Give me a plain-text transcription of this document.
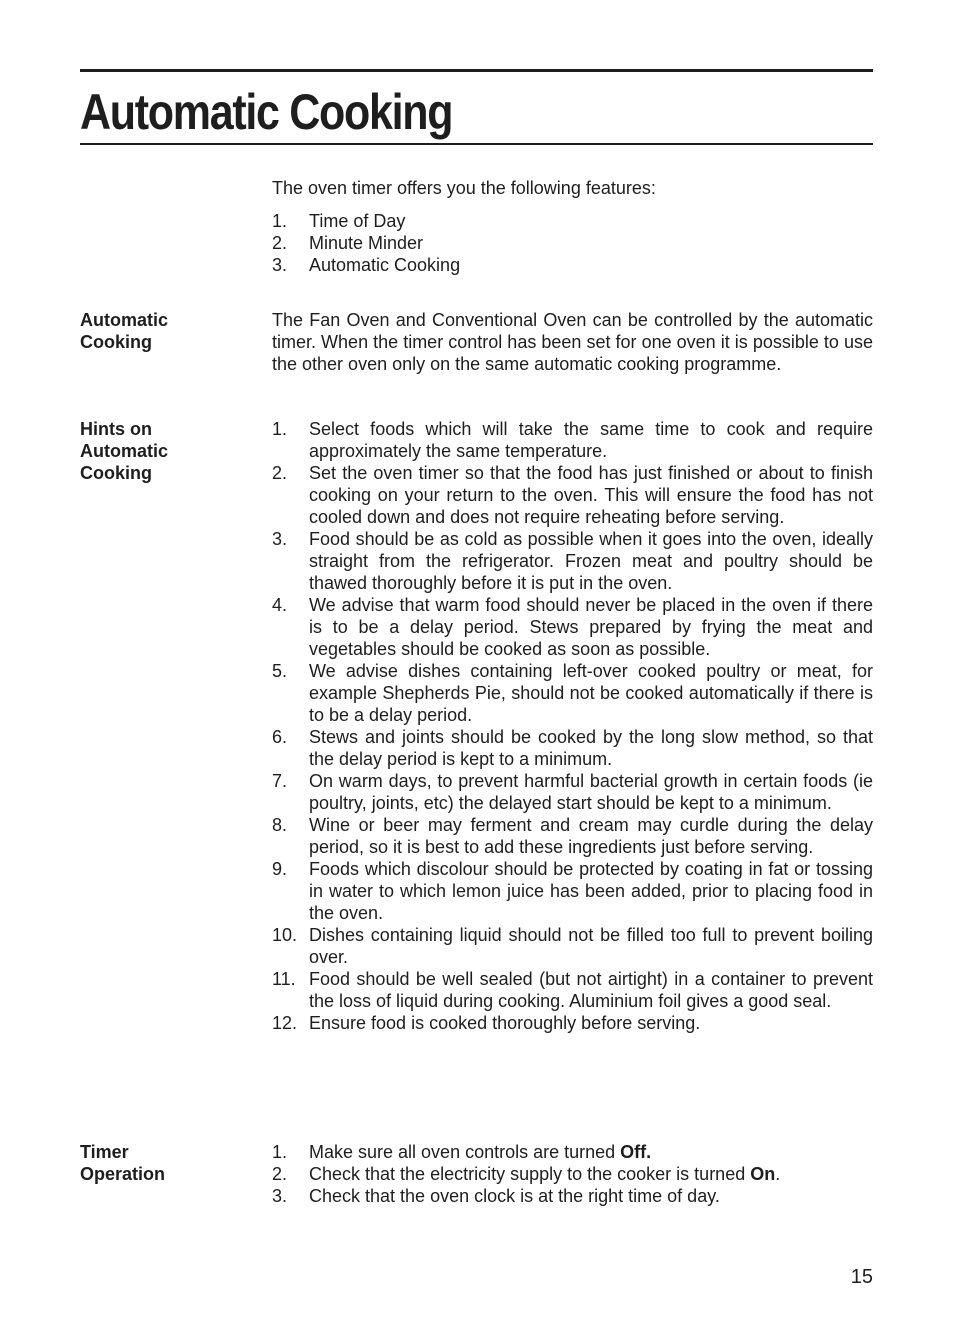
Automatic Cooking

The oven timer offers you the following features:

1. Time of Day
2. Minute Minder
3. Automatic Cooking
Automatic
Cooking

The Fan Oven and Conventional Oven can be controlled by the automatic timer. When the timer control has been set for one oven it is possible to use the other oven only on the same automatic cooking programme.

Hints on
Automatic
Cooking
1. Select foods which will take the same time to cook and require approximately the same temperature.
2. Set the oven timer so that the food has just finished or about to finish cooking on your return to the oven. This will ensure the food has not cooled down and does not require reheating before serving.
3. Food should be as cold as possible when it goes into the oven, ideally straight from the refrigerator. Frozen meat and poultry should be thawed thoroughly before it is put in the oven.
4. We advise that warm food should never be placed in the oven if there is to be a delay period. Stews prepared by frying the meat and vegetables should be cooked as soon as possible.
5. We advise dishes containing left-over cooked poultry or meat, for example Shepherds Pie, should not be cooked automatically if there is to be a delay period.
6. Stews and joints should be cooked by the long slow method, so that the delay period is kept to a minimum.
7. On warm days, to prevent harmful bacterial growth in certain foods (ie poultry, joints, etc) the delayed start should be kept to a minimum.
8. Wine or beer may ferment and cream may curdle during the delay period, so it is best to add these ingredients just before serving.
9. Foods which discolour should be protected by coating in fat or tossing in water to which lemon juice has been added, prior to placing food in the oven.
10. Dishes containing liquid should not be filled too full to prevent boiling over.
11. Food should be well sealed (but not airtight) in a container to prevent the loss of liquid during cooking. Aluminium foil gives a good seal.
12. Ensure food is cooked thoroughly before serving.
Timer
Operation
1. Make sure all oven controls are turned Off.
2. Check that the electricity supply to the cooker is turned On.
3. Check that the oven clock is at the right time of day.
15
